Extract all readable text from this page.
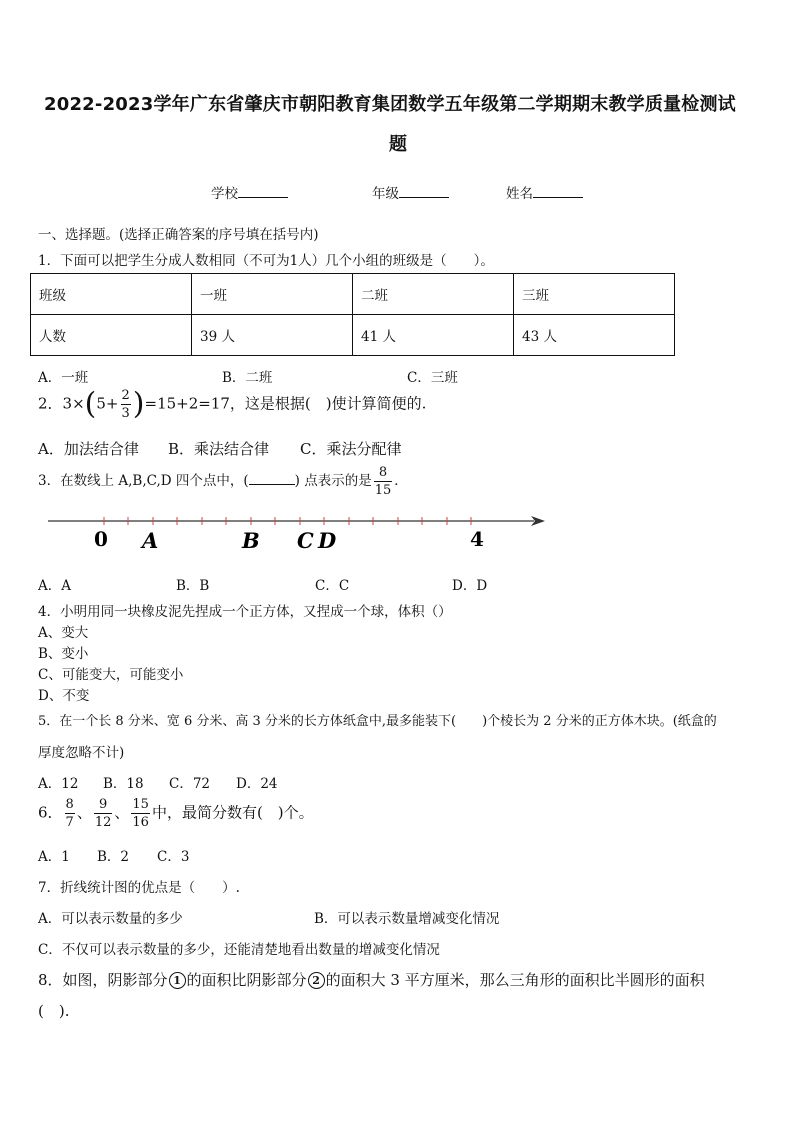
2022-2023学年广东省肇庆市朝阳教育集团数学五年级第二学期期末教学质量检测试
题
学校	年级	姓名
一、选择题。(选择正确答案的序号填在括号内)
1．下面可以把学生分成人数相同（不可为1人）几个小组的班级是（　　）。
班级	一班	二班	三班
人数	39 人	41 人	43 人
A．一班	B．二班	C．三班
2．$3\times(5+ \frac{2}{3} )=15+2=17$，这是根据(　)使计算简便的.
A．加法结合律 B．乘法结合律 C．乘法分配律
3．在数线上 A,B,C,D 四个点中，(	) 点表示的是 $\frac{8}{15}$ ．
0 A	B C D	4
A．A	B．B	C．C	D．D
4．小明用同一块橡皮泥先捏成一个正方体，又捏成一个球，体积（）
A、变大
B、变小
C、可能变大，可能变小
D、不变
5．在一个长 8 分米、宽 6 分米、高 3 分米的长方体纸盒中,最多能装下(　　)个棱长为 2 分米的正方体木块。(纸盒的
厚度忽略不计)
A．12 B．18 C．72 D．24
6． $\frac{8}{7}$ 、 $\frac{9}{12}$ 、 $\frac{15}{16}$ 中，最简分数有(　)个。
A．1 B．2 C．3
7．折线统计图的优点是（　　）.
A．可以表示数量的多少	B．可以表示数量增减变化情况
C．不仅可以表示数量的多少，还能清楚地看出数量的增减变化情况
8．如图，阴影部分 1 的面积比阴影部分 2 的面积大 3 平方厘米，那么三角形的面积比半圆形的面积
(　).
